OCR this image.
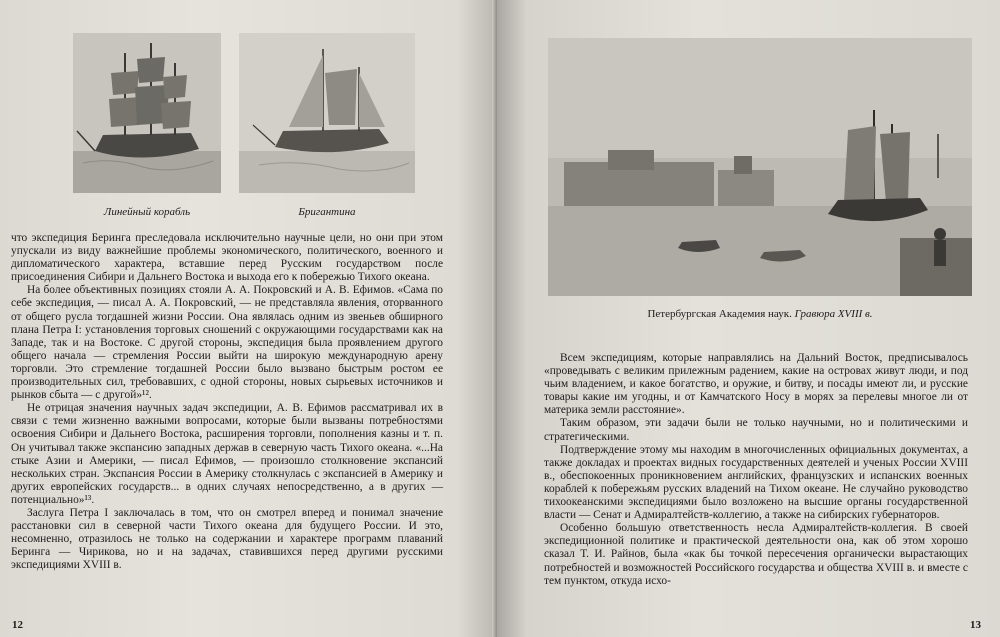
Линейный корабль	Бригантина

что экспедиция Беринга преследовала исключительно научные цели, но они при этом упускали из виду важнейшие проблемы экономического, политического, военного и дипломатического характера, вставшие перед Русским государством после присоединения Сибири и Дальнего Востока и выхода его к побережью Тихого океана.

На более объективных позициях стояли А. А. Покровский и А. В. Ефимов. «Сама по себе экспедиция, — писал А. А. Покровский, — не представляла явления, оторванного от общего русла тогдашней жизни России. Она являлась одним из звеньев обширного плана Петра I: установления торговых сношений с окружающими государствами как на Западе, так и на Востоке. С другой стороны, экспедиция была проявлением другого общего начала — стремления России выйти на широкую международную арену торговли. Это стремление тогдашней России было вызвано быстрым ростом ее производительных сил, требовавших, с одной стороны, новых сырьевых источников и рынков сбыта — с другой»¹².

Не отрицая значения научных задач экспедиции, А. В. Ефимов рассматривал их в связи с теми жизненно важными вопросами, которые были вызваны потребностями освоения Сибири и Дальнего Востока, расширения торговли, пополнения казны и т. п. Он учитывал также экспансию западных держав в северную часть Тихого океана. «...На стыке Азии и Америки, — писал Ефимов, — произошло столкновение экспансий нескольких стран. Экспансия России в Америку столкнулась с экспансией в Америку и других европейских государств... в одних случаях непосредственно, а в других — потенциально»¹³.

Заслуга Петра I заключалась в том, что он смотрел вперед и понимал значение расстановки сил в северной части Тихого океана для будущего России. И это, несомненно, отразилось не только на содержании и характере программ плаваний Беринга — Чирикова, но и на задачах, ставившихся перед другими русскими экспедициями XVIII в.

12
Петербургская Академия наук. Гравюра XVIII в.

Всем экспедициям, которые направлялись на Дальний Восток, предписывалось «проведывать с великим прилежным радением, какие на островах живут люди, и под чьим владением, и какое богатство, и оружие, и битву, и посады имеют ли, и русские товары какие им угодны, и от Камчатского Носу в морях за перелевы многое ли от материка земли расстояние».

Таким образом, эти задачи были не только научными, но и политическими и стратегическими.

Подтверждение этому мы находим в многочисленных официальных документах, а также докладах и проектах видных государственных деятелей и ученых России XVIII в., обеспокоенных проникновением английских, французских и испанских военных кораблей к побережьям русских владений на Тихом океане. Не случайно руководство тихоокеанскими экспедициями было возложено на высшие органы государственной власти — Сенат и Адмиралтейств-коллегию, а также на сибирских губернаторов.

Особенно большую ответственность несла Адмиралтейств-коллегия. В своей экспедиционной политике и практической деятельности она, как об этом хорошо сказал Т. И. Райнов, была «как бы точкой пересечения органически вырастающих потребностей и возможностей Российского государства и общества XVIII в. и вместе с тем пунктом, откуда исхо-

13
